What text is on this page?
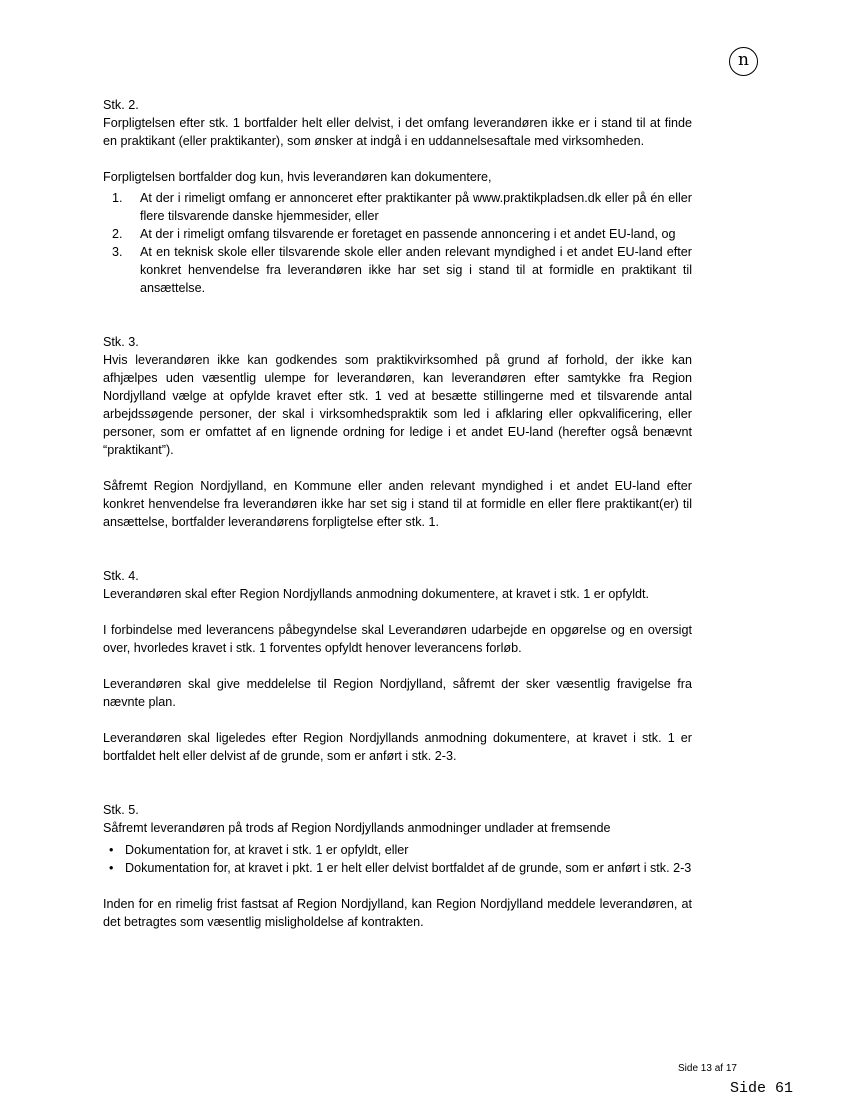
n

Stk. 2.

Forpligtelsen efter stk. 1 bortfalder helt eller delvist, i det omfang leverandøren ikke er i stand til at finde en praktikant (eller praktikanter), som ønsker at indgå i en uddannelsesaftale med virksomheden.

Forpligtelsen bortfalder dog kun, hvis leverandøren kan dokumentere,

1. At der i rimeligt omfang er annonceret efter praktikanter på www.praktikpladsen.dk eller på én eller flere tilsvarende danske hjemmesider, eller
2. At der i rimeligt omfang tilsvarende er foretaget en passende annoncering i et andet EU-land, og
3. At en teknisk skole eller tilsvarende skole eller anden relevant myndighed i et andet EU-land efter konkret henvendelse fra leverandøren ikke har set sig i stand til at formidle en praktikant til ansættelse.

Stk. 3.

Hvis leverandøren ikke kan godkendes som praktikvirksomhed på grund af forhold, der ikke kan afhjælpes uden væsentlig ulempe for leverandøren, kan leverandøren efter samtykke fra Region Nordjylland vælge at opfylde kravet efter stk. 1 ved at besætte stillingerne med et tilsvarende antal arbejdssøgende personer, der skal i virksomhedspraktik som led i afklaring eller opkvalificering, eller personer, som er omfattet af en lignende ordning for ledige i et andet EU-land (herefter også benævnt “praktikant”).

Såfremt Region Nordjylland, en Kommune eller anden relevant myndighed i et andet EU-land efter konkret henvendelse fra leverandøren ikke har set sig i stand til at formidle en eller flere praktikant(er) til ansættelse, bortfalder leverandørens forpligtelse efter stk. 1.

Stk. 4.

Leverandøren skal efter Region Nordjyllands anmodning dokumentere, at kravet i stk. 1 er opfyldt.

I forbindelse med leverancens påbegyndelse skal Leverandøren udarbejde en opgørelse og en oversigt over, hvorledes kravet i stk. 1 forventes opfyldt henover leverancens forløb.

Leverandøren skal give meddelelse til Region Nordjylland, såfremt der sker væsentlig fravigelse fra nævnte plan.

Leverandøren skal ligeledes efter Region Nordjyllands anmodning dokumentere, at kravet i stk. 1 er bortfaldet helt eller delvist af de grunde, som er anført i stk. 2-3.

Stk. 5.

Såfremt leverandøren på trods af Region Nordjyllands anmodninger undlader at fremsende

• Dokumentation for, at kravet i stk. 1 er opfyldt, eller
• Dokumentation for, at kravet i pkt. 1 er helt eller delvist bortfaldet af de grunde, som er anført i stk. 2-3

Inden for en rimelig frist fastsat af Region Nordjylland, kan Region Nordjylland meddele leverandøren, at det betragtes som væsentlig misligholdelse af kontrakten.

Side 13 af 17
Side 61
